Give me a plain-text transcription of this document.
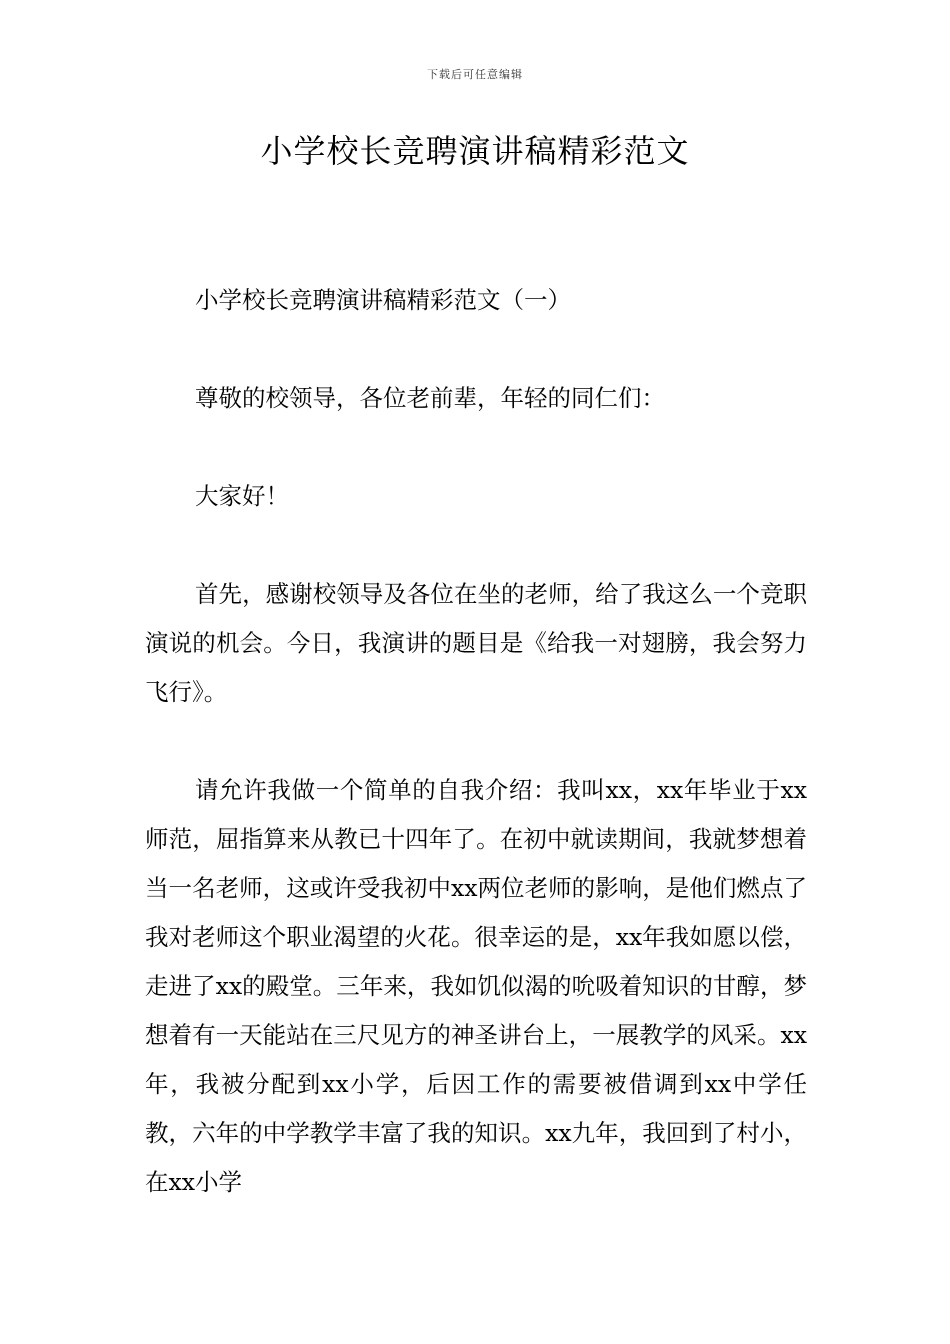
下载后可任意编辑
小学校长竞聘演讲稿精彩范文

小学校长竞聘演讲稿精彩范文（一）

尊敬的校领导，各位老前辈，年轻的同仁们：

大家好！

首先，感谢校领导及各位在坐的老师，给了我这么一个竞职演说的机会。今日，我演讲的题目是《给我一对翅膀，我会努力飞行》。

请允许我做一个简单的自我介绍：我叫xx，xx年毕业于xx师范，屈指算来从教已十四年了。在初中就读期间，我就梦想着当一名老师，这或许受我初中xx两位老师的影响，是他们燃点了我对老师这个职业渴望的火花。很幸运的是，xx年我如愿以偿，走进了xx的殿堂。三年来，我如饥似渴的吮吸着知识的甘醇，梦想着有一天能站在三尺见方的神圣讲台上，一展教学的风采。xx年，我被分配到xx小学，后因工作的需要被借调到xx中学任教，六年的中学教学丰富了我的知识。xx九年，我回到了村小，在xx小学
